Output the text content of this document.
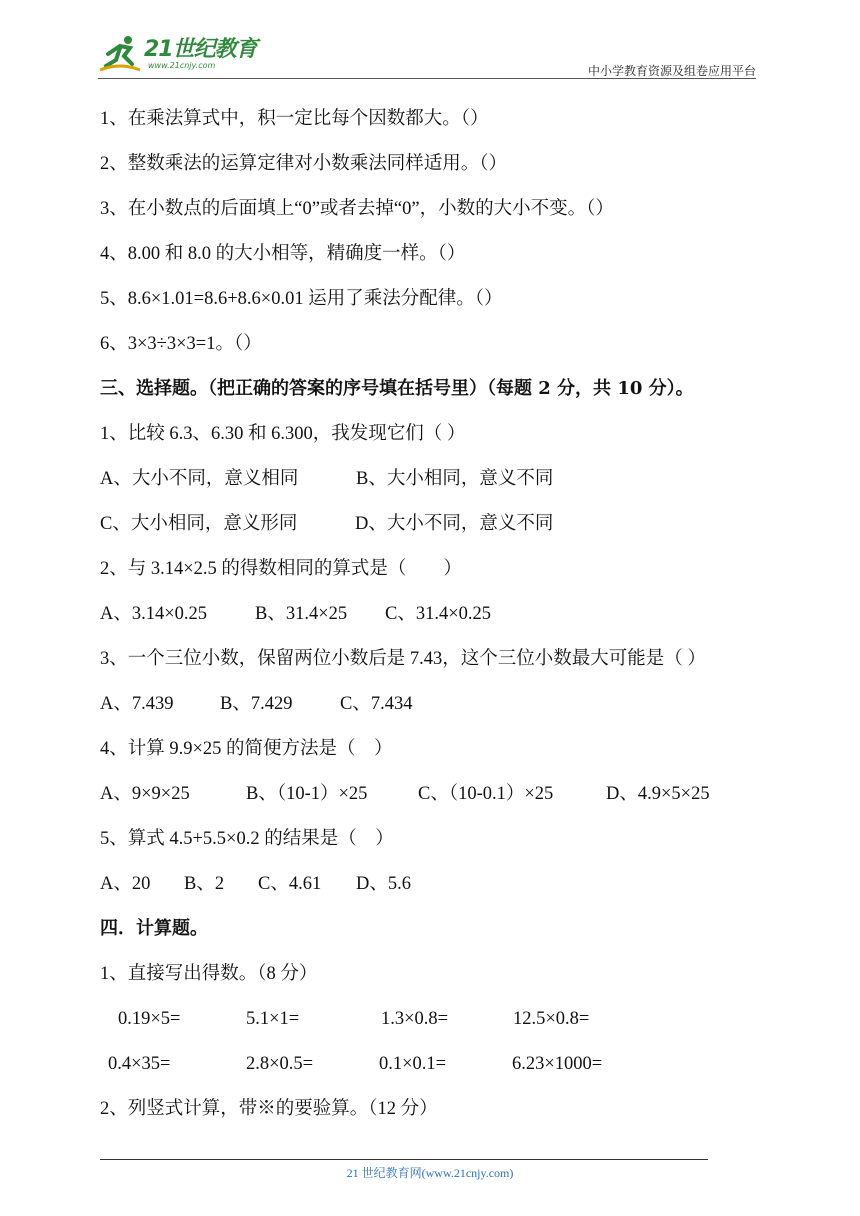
21世纪教育
www.21cnjy.com	中小学教育资源及组卷应用平台
1、在乘法算式中，积一定比每个因数都大。（）
2、整数乘法的运算定律对小数乘法同样适用。（）
3、在小数点的后面填上“0”或者去掉“0”，小数的大小不变。（）
4、8.00 和 8.0 的大小相等，精确度一样。（）
5、8.6×1.01=8.6+8.6×0.01 运用了乘法分配律。（）
6、3×3÷3×3=1。（）
三、选择题。（把正确的答案的序号填在括号里）（每题 2 分，共 10 分）。
1、比较 6.3、6.30 和 6.300，我发现它们（ ）
A、大小不同，意义相同	B、大小相同，意义不同
C、大小相同，意义形同	D、大小不同，意义不同
2、与 3.14×2.5 的得数相同的算式是（　　）
A、3.14×0.25	B、31.4×25 C、31.4×0.25
3、一个三位小数，保留两位小数后是 7.43，这个三位小数最大可能是（ ）
A、7.439	B、7.429	C、7.434
4、计算 9.9×25 的简便方法是（　）
A、9×9×25	B、（10-1）×25	C、（10-0.1）×25	D、4.9×5×25
5、算式 4.5+5.5×0.2 的结果是（　）
A、20 B、2 C、4.61 D、5.6
四．计算题。
1、直接写出得数。（8 分）
0.19×5=	5.1×1=	1.3×0.8=	12.5×0.8=
0.4×35=	2.8×0.5=	0.1×0.1=	6.23×1000=
2、列竖式计算，带※的要验算。（12 分）
21 世纪教育网(www.21cnjy.com)
